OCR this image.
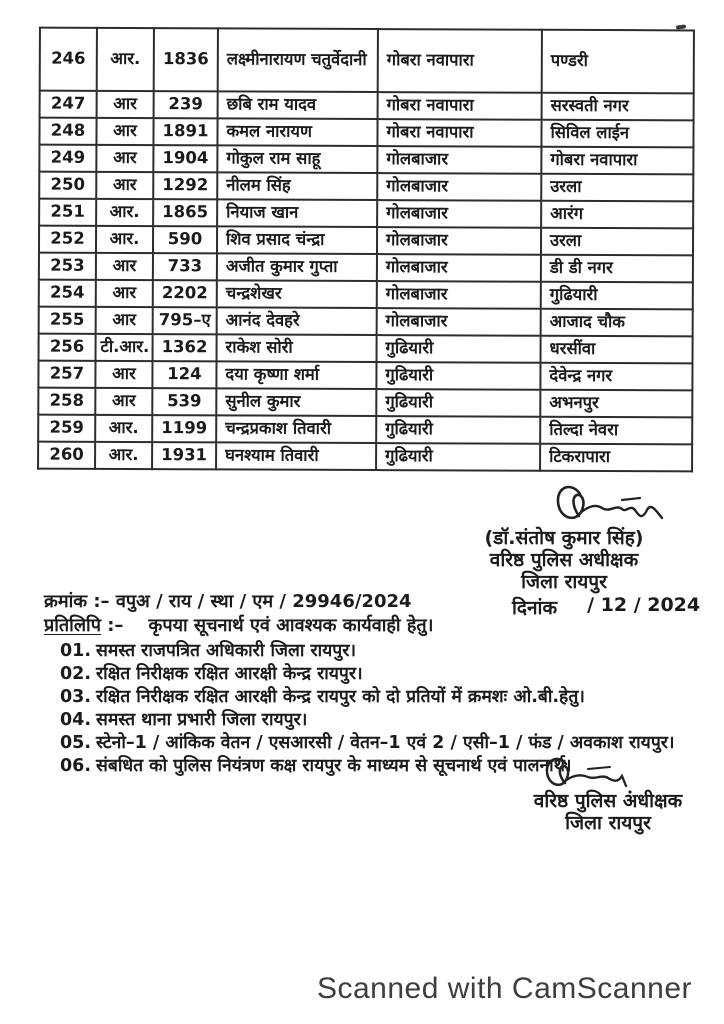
246	आर.	1836	लक्ष्मीनारायण चतुर्वेदानी	गोबरा नवापारा	पण्डरी
247	आर	239	छबि राम यादव	गोबरा नवापारा	सरस्वती नगर
248	आर	1891	कमल नारायण	गोबरा नवापारा	सिविल लाईन
249	आर	1904	गोकुल राम साहू	गोलबाजार	गोबरा नवापारा
250	आर	1292	नीलम सिंह	गोलबाजार	उरला
251	आर.	1865	नियाज खान	गोलबाजार	आरंग
252	आर.	590	शिव प्रसाद चंन्द्रा	गोलबाजार	उरला
253	आर	733	अजीत कुमार गुप्ता	गोलबाजार	डी डी नगर
254	आर	2202	चन्द्रशेखर	गोलबाजार	गुढियारी
255	आर	795–ए	आनंद देवहरे	गोलबाजार	आजाद चौक
256	टी.आर.	1362	राकेश सोरी	गुढियारी	धरसींवा
257	आर	124	दया कृष्णा शर्मा	गुढियारी	देवेन्द्र नगर
258	आर	539	सुनील कुमार	गुढियारी	अभनपुर
259	आर.	1199	चन्द्रप्रकाश तिवारी	गुढियारी	तिल्दा नेवरा
260	आर.	1931	घनश्याम तिवारी	गुढियारी	टिकरापारा
(डॉ.संतोष कुमार सिंह)
वरिष्ठ पुलिस अधीक्षक
जिला रायपुर
दिनांक / 12 / 2024
क्रमांक :– वपुअ / राय / स्था / एम / 29946/2024
प्रतिलिपि :– कृपया सूचनार्थ एवं आवश्यक कार्यवाही हेतु।
01. समस्त राजपत्रित अधिकारी जिला रायपुर।
02. रक्षित निरीक्षक रक्षित आरक्षी केन्द्र रायपुर।
03. रक्षित निरीक्षक रक्षित आरक्षी केन्द्र रायपुर को दो प्रतियों में क्रमशः ओ.बी.हेतु।
04. समस्त थाना प्रभारी जिला रायपुर।
05. स्टेनो–1 / आंकिक वेतन / एसआरसी / वेतन–1 एवं 2 / एसी–1 / फंड / अवकाश रायपुर।
06. संबधित को पुलिस नियंत्रण कक्ष रायपुर के माध्यम से सूचनार्थ एवं पालनार्थ।
वरिष्ठ पुलिस अधीक्षक
जिला रायपुर
Scanned with CamScanner
